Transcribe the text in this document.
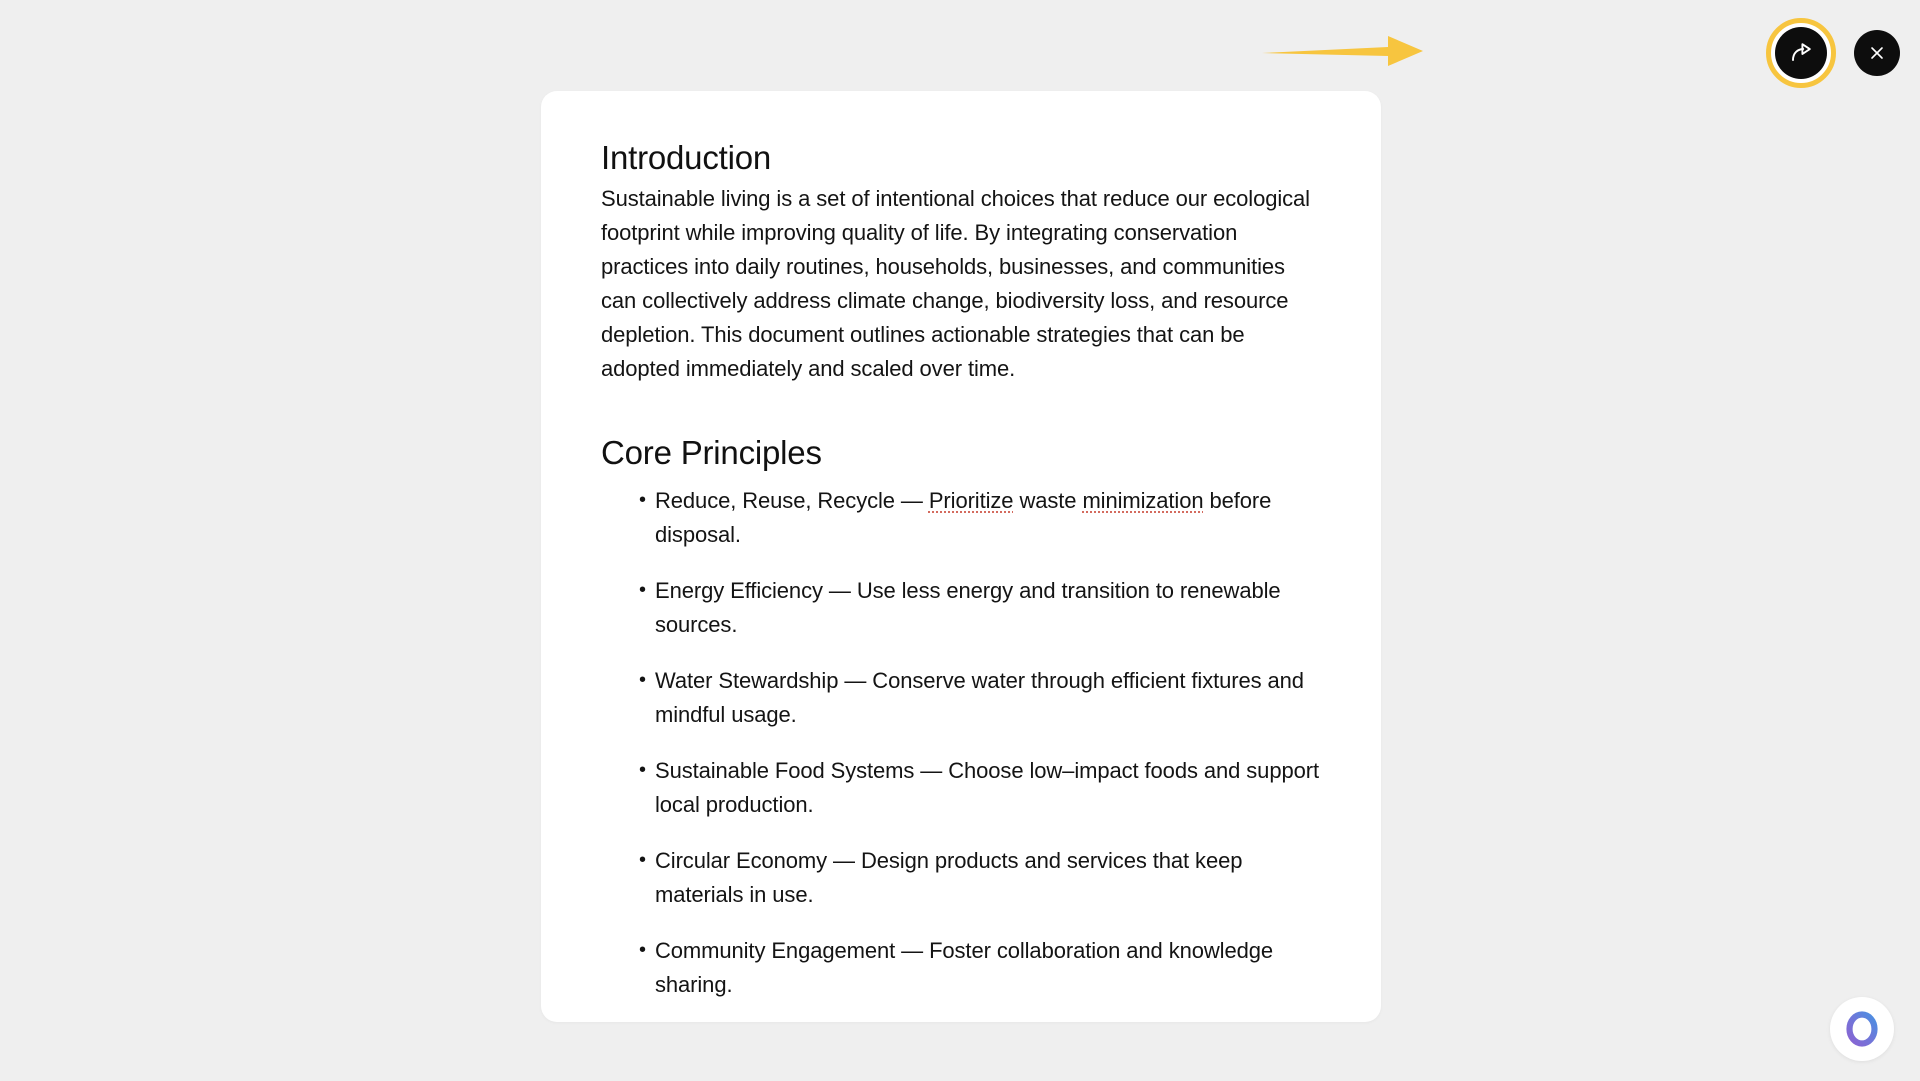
Introduction

Sustainable living is a set of intentional choices that reduce our ecological footprint while improving quality of life. By integrating conservation practices into daily routines, households, businesses, and communities can collectively address climate change, biodiversity loss, and resource depletion. This document outlines actionable strategies that can be adopted immediately and scaled over time.

Core Principles
• Reduce, Reuse, Recycle — Prioritize waste minimization before disposal.
• Energy Efficiency — Use less energy and transition to renewable sources.
• Water Stewardship — Conserve water through efficient fixtures and mindful usage.
• Sustainable Food Systems — Choose low–impact foods and support local production.
• Circular Economy — Design products and services that keep materials in use.
• Community Engagement — Foster collaboration and knowledge sharing.
